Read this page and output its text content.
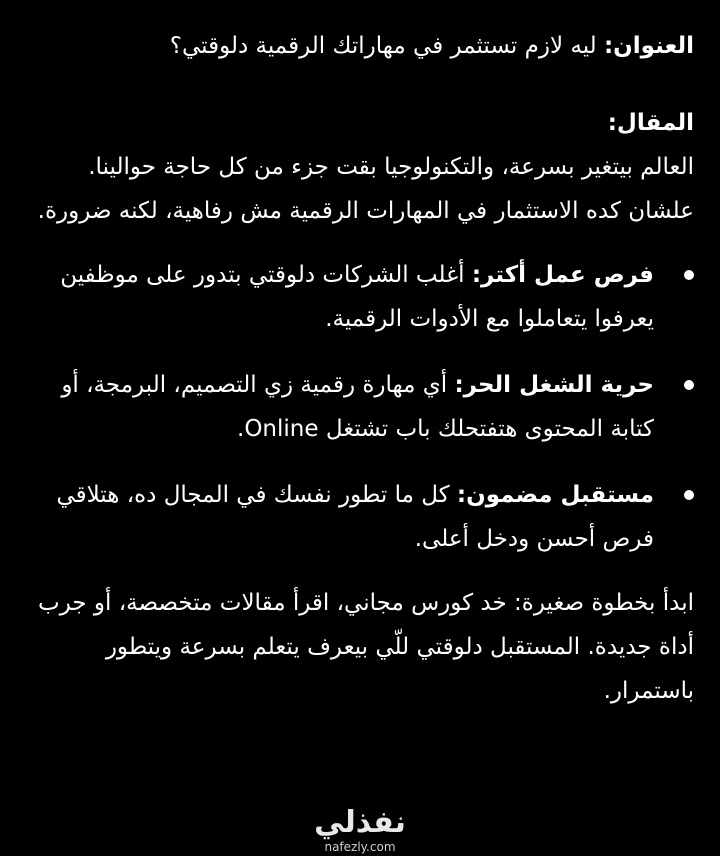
العنوان: ليه لازم تستثمر في مهاراتك الرقمية دلوقتي؟

المقال:

العالم بيتغير بسرعة، والتكنولوجيا بقت جزء من كل حاجة حوالينا. علشان كده الاستثمار في المهارات الرقمية مش رفاهية، لكنه ضرورة.

فرص عمل أكتر: أغلب الشركات دلوقتي بتدور على موظفين يعرفوا يتعاملوا مع الأدوات الرقمية.
حرية الشغل الحر: أي مهارة رقمية زي التصميم، البرمجة، أو كتابة المحتوى هتفتحلك باب تشتغل Online.
مستقبل مضمون: كل ما تطور نفسك في المجال ده، هتلاقي فرص أحسن ودخل أعلى.

ابدأ بخطوة صغيرة: خد كورس مجاني، اقرأ مقالات متخصصة، أو جرب أداة جديدة. المستقبل دلوقتي للّي بيعرف يتعلم بسرعة ويتطور باستمرار.

نفذلي
nafezly.com
